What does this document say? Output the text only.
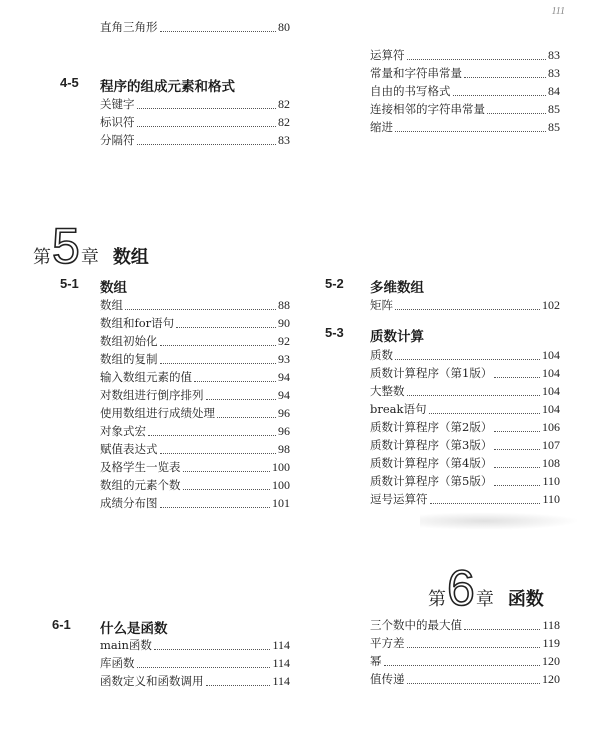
111
直角三角形	80
4-5 程序的组成元素和格式
关键字	82
标识符	82
分隔符	83
运算符	83
常量和字符串常量	83
自由的书写格式	84
连接相邻的字符串常量	85
缩进	85
第 5 章 数组
5-1 数组
数组	88
数组和for语句	90
数组初始化	92
数组的复制	93
输入数组元素的值	94
对数组进行倒序排列	94
使用数组进行成绩处理	96
对象式宏	96
赋值表达式	98
及格学生一览表	100
数组的元素个数	100
成绩分布图	101
5-2 多维数组
矩阵	102
5-3 质数计算
质数	104
质数计算程序（第1版）	104
大整数	104
break语句	104
质数计算程序（第2版）	106
质数计算程序（第3版）	107
质数计算程序（第4版）	108
质数计算程序（第5版）	110
逗号运算符	110
第 6 章 函数
6-1 什么是函数
main函数	114
库函数	114
函数定义和函数调用	114
三个数中的最大值	118
平方差	119
幂	120
值传递	120
